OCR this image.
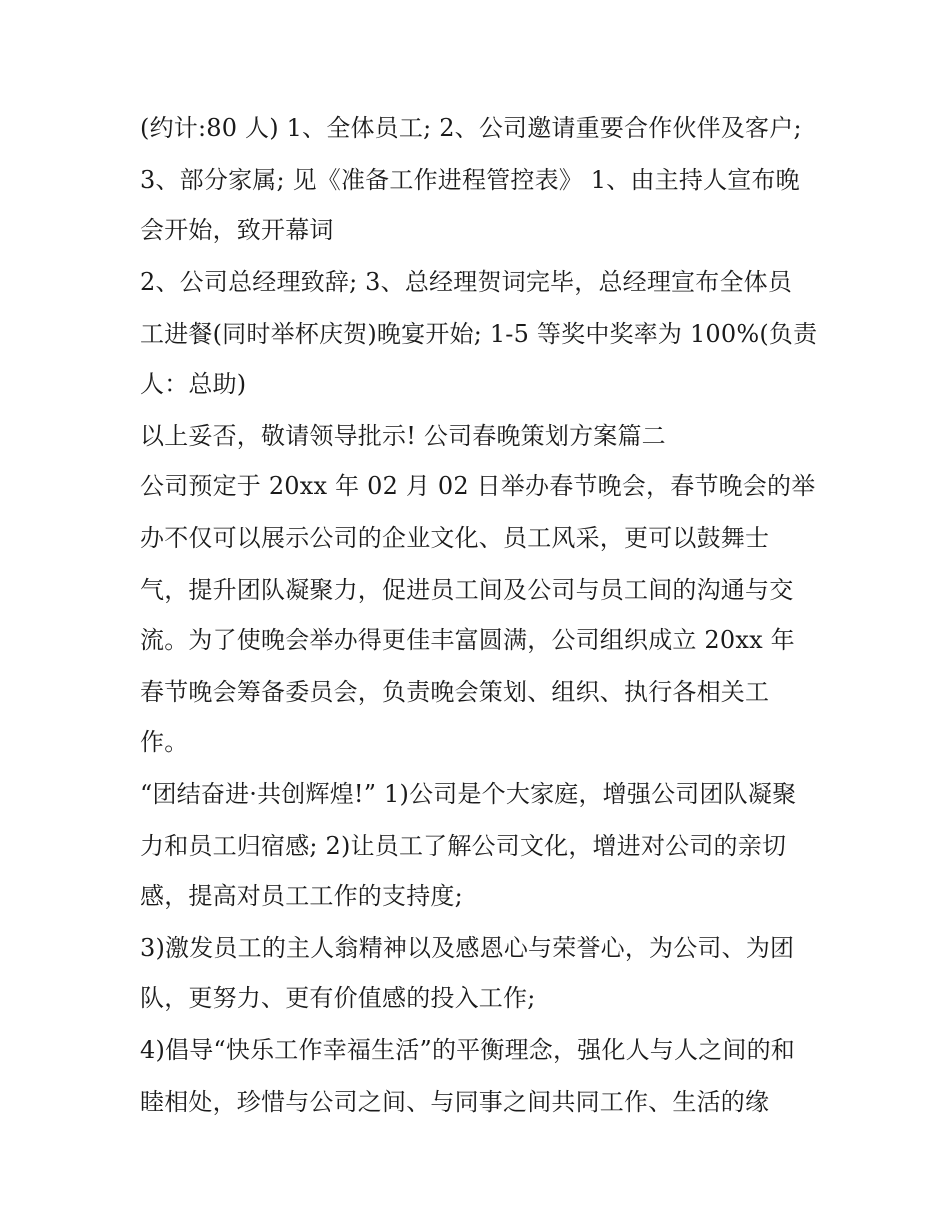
(约计:80 人) 1、全体员工; 2、公司邀请重要合作伙伴及客户;
3、部分家属; 见《准备工作进程管控表》 1、由主持人宣布晚
会开始，致开幕词
2、公司总经理致辞; 3、总经理贺词完毕，总经理宣布全体员
工进餐(同时举杯庆贺)晚宴开始; 1-5 等奖中奖率为 100%(负责
人：总助)
以上妥否，敬请领导批示! 公司春晚策划方案篇二
公司预定于 20xx 年 02 月 02 日举办春节晚会，春节晚会的举
办不仅可以展示公司的企业文化、员工风采，更可以鼓舞士
气，提升团队凝聚力，促进员工间及公司与员工间的沟通与交
流。为了使晚会举办得更佳丰富圆满，公司组织成立 20xx 年
春节晚会筹备委员会，负责晚会策划、组织、执行各相关工
作。
“团结奋进·共创辉煌!” 1)公司是个大家庭，增强公司团队凝聚
力和员工归宿感; 2)让员工了解公司文化，增进对公司的亲切
感，提高对员工工作的支持度;
3)激发员工的主人翁精神以及感恩心与荣誉心，为公司、为团
队，更努力、更有价值感的投入工作;
4)倡导“快乐工作幸福生活”的平衡理念，强化人与人之间的和
睦相处，珍惜与公司之间、与同事之间共同工作、生活的缘
